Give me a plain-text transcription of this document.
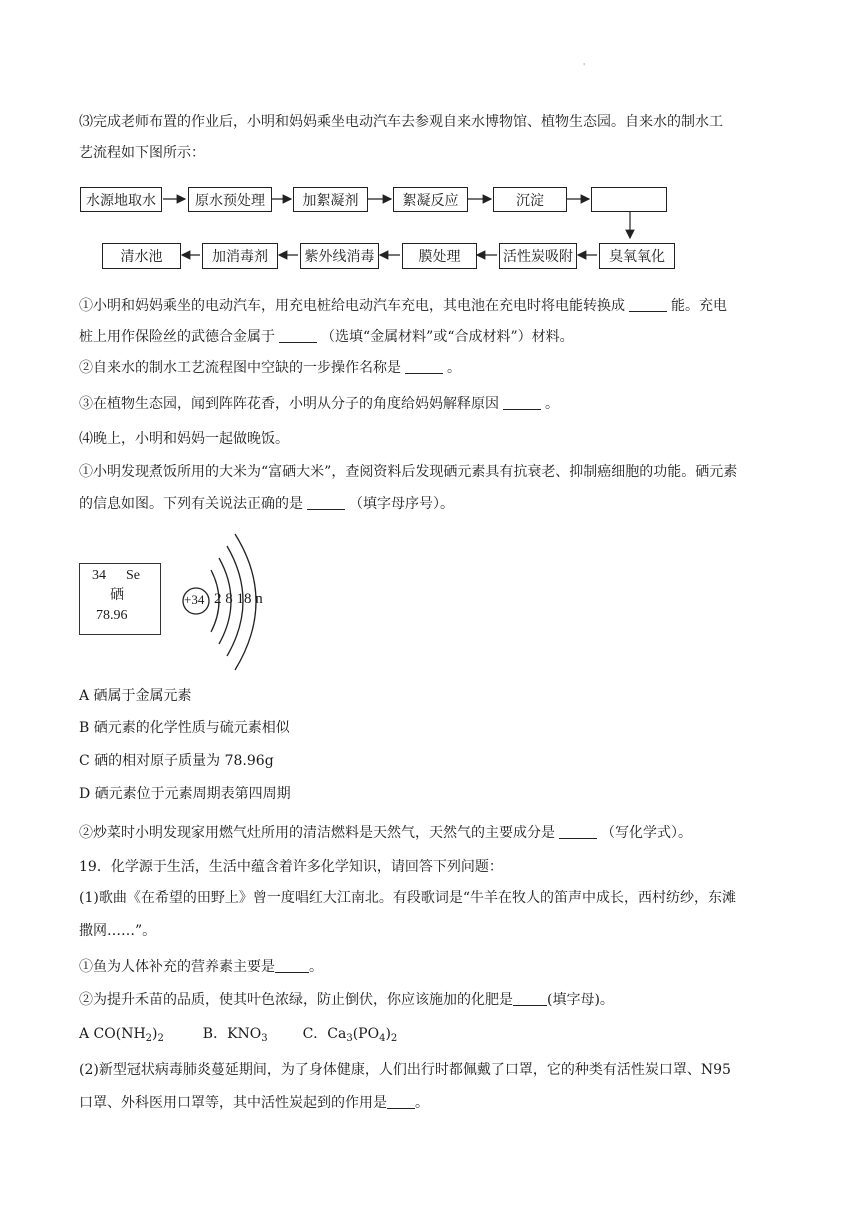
'
⑶完成老师布置的作业后，小明和妈妈乘坐电动汽车去参观自来水博物馆、植物生态园。自来水的制水工
艺流程如下图所示：
水源地取水	原水预处理	加絮凝剂	絮凝反应	沉淀
清水池	加消毒剂	紫外线消毒	膜处理	活性炭吸附	臭氧氧化
①小明和妈妈乘坐的电动汽车，用充电桩给电动汽车充电，其电池在充电时将电能转换成	能。充电
桩上用作保险丝的武德合金属于	（选填“金属材料”或“合成材料”）材料。
②自来水的制水工艺流程图中空缺的一步操作名称是	。
③在植物生态园，闻到阵阵花香，小明从分子的角度给妈妈解释原因	。
⑷晚上，小明和妈妈一起做晚饭。
①小明发现煮饭所用的大米为“富硒大米”，查阅资料后发现硒元素具有抗衰老、抑制癌细胞的功能。硒元素
的信息如图。下列有关说法正确的是	（填字母序号）。
34 Se
硒
78.96
+34 2 8 18 n
A 硒属于金属元素
B 硒元素的化学性质与硫元素相似
C 硒的相对原子质量为 78.96g
D 硒元素位于元素周期表第四周期
②炒菜时小明发现家用燃气灶所用的清洁燃料是天然气，天然气的主要成分是	（写化学式）。
19．化学源于生活，生活中蕴含着许多化学知识，请回答下列问题：
(1)歌曲《在希望的田野上》曾一度唱红大江南北。有段歌词是“牛羊在牧人的笛声中成长，西村纺纱，东滩
撒网……”。
①鱼为人体补充的营养素主要是 。
②为提升禾苗的品质，使其叶色浓绿，防止倒伏，你应该施加的化肥是 (填字母)。
A $CO(NH_2)_2$	B．$KNO_3$ C．$Ca_3(PO_4)_2$
(2)新型冠状病毒肺炎蔓延期间，为了身体健康，人们出行时都佩戴了口罩，它的种类有活性炭口罩、N95
口罩、外科医用口罩等，其中活性炭起到的作用是 。
